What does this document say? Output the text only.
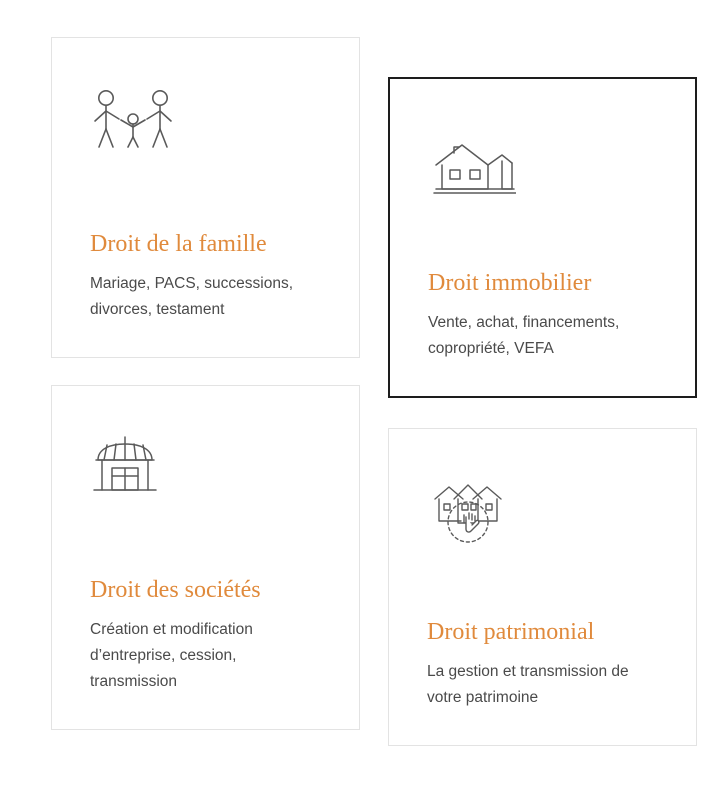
Droit de la famille

Mariage, PACS, successions, divorces, testament

Droit immobilier

Vente, achat, financements, copropriété, VEFA

Droit des sociétés

Création et modification d’entreprise, cession, transmission

Droit patrimonial

La gestion et transmission de votre patrimoine
